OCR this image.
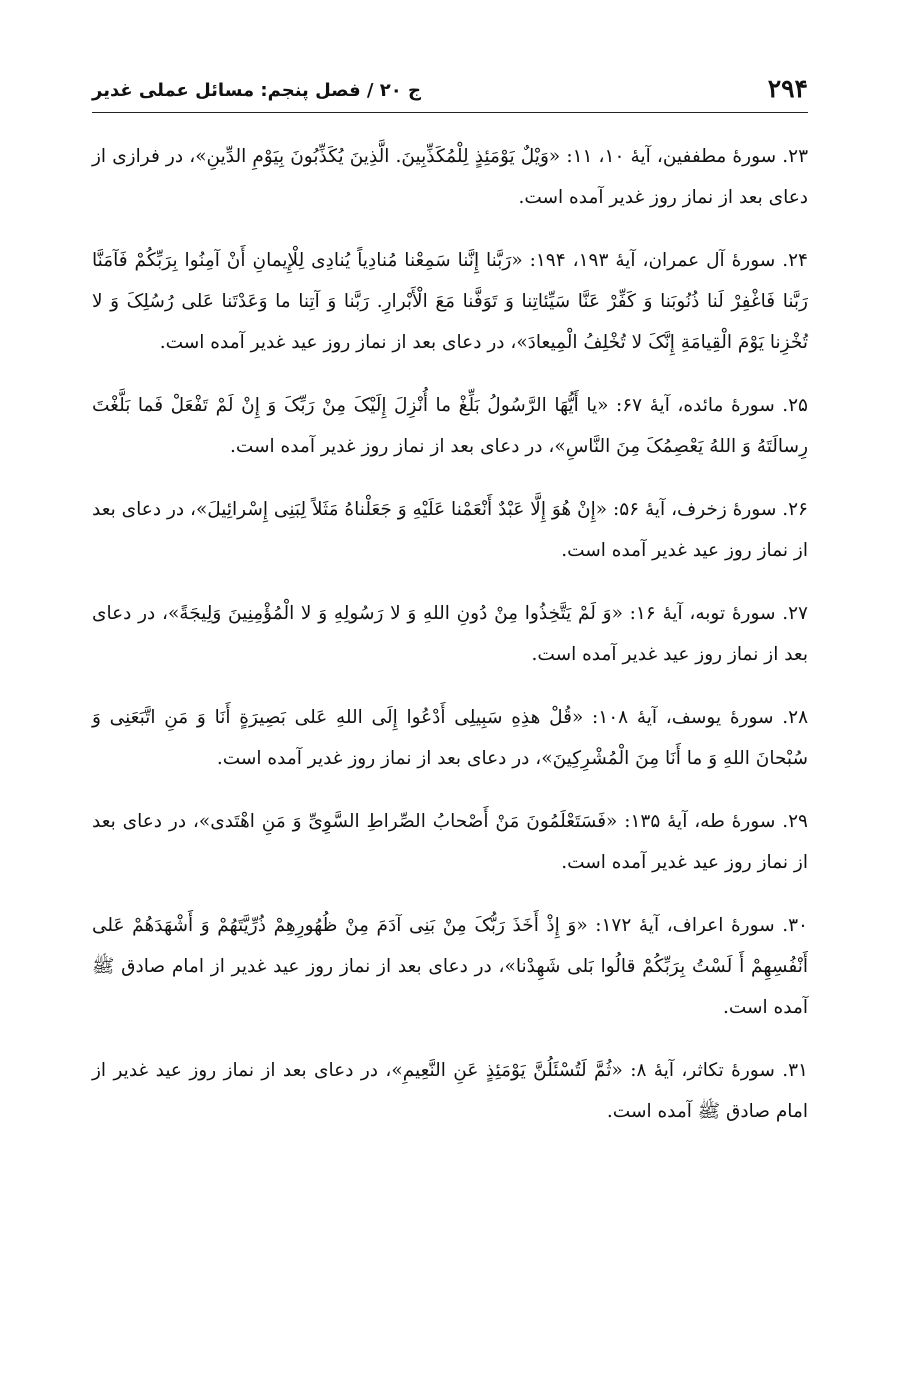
۲۹۴
ج ۲۰ / فصل پنجم: مسائل عملی غدیر

۲۳. سورهٔ مطففین، آیهٔ ۱۰، ۱۱: «وَیْلٌ یَوْمَئِذٍ لِلْمُکَذِّبِینَ. الَّذِینَ یُکَذِّبُونَ بِیَوْمِ الدِّینِ»، در فرازی از دعای بعد از نماز روز غدیر آمده است.

۲۴. سورهٔ آل عمران، آیهٔ ۱۹۳، ۱۹۴: «رَبَّنا إِنَّنا سَمِعْنا مُنادِیاً یُنادِی لِلْإِیمانِ أَنْ آمِنُوا بِرَبِّکُمْ فَآمَنَّا رَبَّنا فَاغْفِرْ لَنا ذُنُوبَنا وَ کَفِّرْ عَنَّا سَیِّئاتِنا وَ تَوَفَّنا مَعَ الْأَبْرارِ. رَبَّنا وَ آتِنا ما وَعَدْتَنا عَلی رُسُلِکَ وَ لا تُخْزِنا یَوْمَ الْقِیامَةِ إِنَّکَ لا تُخْلِفُ الْمِیعادَ»، در دعای بعد از نماز روز عید غدیر آمده است.

۲۵. سورهٔ مائده، آیهٔ ۶۷: «یا أَیُّهَا الرَّسُولُ بَلِّغْ ما أُنْزِلَ إِلَیْکَ مِنْ رَبِّکَ وَ إِنْ لَمْ تَفْعَلْ فَما بَلَّغْتَ رِسالَتَهُ وَ اللهُ یَعْصِمُکَ مِنَ النَّاسِ»، در دعای بعد از نماز روز غدیر آمده است.

۲۶. سورهٔ زخرف، آیهٔ ۵۶: «إِنْ هُوَ إِلَّا عَبْدٌ أَنْعَمْنا عَلَیْهِ وَ جَعَلْناهُ مَثَلاً لِبَنِی إِسْرائِیلَ»، در دعای بعد از نماز روز عید غدیر آمده است.

۲۷. سورهٔ توبه، آیهٔ ۱۶: «وَ لَمْ یَتَّخِذُوا مِنْ دُونِ اللهِ وَ لا رَسُولِهِ وَ لا الْمُؤْمِنِینَ وَلِیجَةً»، در دعای بعد از نماز روز عید غدیر آمده است.

۲۸. سورهٔ یوسف، آیهٔ ۱۰۸: «قُلْ هذِهِ سَبِیلِی أَدْعُوا إِلَی اللهِ عَلی بَصِیرَةٍ أَنَا وَ مَنِ اتَّبَعَنِی وَ سُبْحانَ اللهِ وَ ما أَنَا مِنَ الْمُشْرِکِینَ»، در دعای بعد از نماز روز غدیر آمده است.

۲۹. سورهٔ طه، آیهٔ ۱۳۵: «فَسَتَعْلَمُونَ مَنْ أَصْحابُ الصِّراطِ السَّوِیِّ وَ مَنِ اهْتَدی»، در دعای بعد از نماز روز عید غدیر آمده است.

۳۰. سورهٔ اعراف، آیهٔ ۱۷۲: «وَ إِذْ أَخَذَ رَبُّکَ مِنْ بَنِی آدَمَ مِنْ ظُهُورِهِمْ ذُرِّیَّتَهُمْ وَ أَشْهَدَهُمْ عَلی أَنْفُسِهِمْ أَ لَسْتُ بِرَبِّکُمْ قالُوا بَلی شَهِدْنا»، در دعای بعد از نماز روز عید غدیر از امام صادق ﷺ آمده است.

۳۱. سورهٔ تکاثر، آیهٔ ۸: «ثُمَّ لَتُسْئَلُنَّ یَوْمَئِذٍ عَنِ النَّعِیمِ»، در دعای بعد از نماز روز عید غدیر از امام صادق ﷺ آمده است.
